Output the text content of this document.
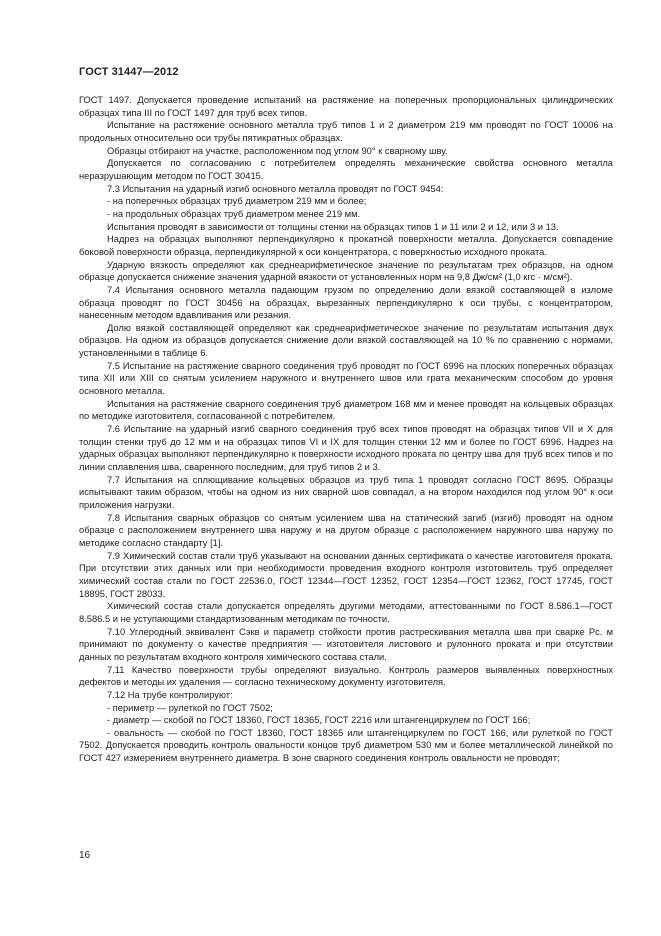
ГОСТ 31447—2012

ГОСТ 1497. Допускается проведение испытаний на растяжение на поперечных пропорциональных цилиндрических образцах типа III по ГОСТ 1497 для труб всех типов.

Испытание на растяжение основного металла труб типов 1 и 2 диаметром 219 мм проводят по ГОСТ 10006 на продольных относительно оси трубы пятикратных образцах.

Образцы отбирают на участке, расположенном под углом 90° к сварному шву.

Допускается по согласованию с потребителем определять механические свойства основного металла неразрушающим методом по ГОСТ 30415.

7.3 Испытания на ударный изгиб основного металла проводят по ГОСТ 9454:

- на поперечных образцах труб диаметром 219 мм и более;

- на продольных образцах труб диаметром менее 219 мм.

Испытания проводят в зависимости от толщины стенки на образцах типов 1 и 11 или 2 и 12, или 3 и 13.

Надрез на образцах выполняют перпендикулярно к прокатной поверхности металла. Допускается совпадение боковой поверхности образца, перпендикулярной к оси концентратора, с поверхностью исходного проката.

Ударную вязкость определяют как среднеарифметическое значение по результатам трех образцов, на одном образце допускается снижение значения ударной вязкости от установленных норм на 9,8 Дж/см² (1,0 кгс · м/см²).

7.4 Испытания основного металла падающим грузом по определению доли вязкой составляющей в изломе образца проводят по ГОСТ 30456 на образцах, вырезанных перпендикулярно к оси трубы, с концентратором, нанесенным методом вдавливания или резания.

Долю вязкой составляющей определяют как среднеарифметическое значение по результатам испытания двух образцов. На одном из образцов допускается снижение доли вязкой составляющей на 10 % по сравнению с нормами, установленными в таблице 6.

7.5 Испытание на растяжение сварного соединения труб проводят по ГОСТ 6996 на плоских поперечных образцах типа XII или XIII со снятым усилением наружного и внутреннего швов или грата механическим способом до уровня основного металла.

Испытания на растяжение сварного соединения труб диаметром 168 мм и менее проводят на кольцевых образцах по методике изготовителя, согласованной с потребителем.

7.6 Испытание на ударный изгиб сварного соединения труб всех типов проводят на образцах типов VII и X для толщин стенки труб до 12 мм и на образцах типов VI и IX для толщин стенки 12 мм и более по ГОСТ 6996. Надрез на ударных образцах выполняют перпендикулярно к поверхности исходного проката по центру шва для труб всех типов и по линии сплавления шва, сваренного последним, для труб типов 2 и 3.

7.7 Испытания на сплющивание кольцевых образцов из труб типа 1 проводят согласно ГОСТ 8695. Образцы испытывают таким образом, чтобы на одном из них сварной шов совпадал, а на втором находился под углом 90° к оси приложения нагрузки.

7.8 Испытания сварных образцов со снятым усилением шва на статический загиб (изгиб) проводят на одном образце с расположением внутреннего шва наружу и на другом образце с расположением наружного шва наружу по методике согласно стандарту [1].

7.9 Химический состав стали труб указывают на основании данных сертификата о качестве изготовителя проката. При отсутствии этих данных или при необходимости проведения входного контроля изготовитель труб определяет химический состав стали по ГОСТ 22536.0, ГОСТ 12344—ГОСТ 12352, ГОСТ 12354—ГОСТ 12362, ГОСТ 17745, ГОСТ 18895, ГОСТ 28033.

Химический состав стали допускается определять другими методами, аттестованными по ГОСТ 8.586.1—ГОСТ 8.586.5 и не уступающими стандартизованным методикам по точности.

7.10 Углеродный эквивалент Сэкв и параметр стойкости против растрескивания металла шва при сварке Рс. м принимают по документу о качестве предприятия — изготовителя листового и рулонного проката и при отсутствии данных по результатам входного контроля химического состава стали.

7.11 Качество поверхности трубы определяют визуально. Контроль размеров выявленных поверхностных дефектов и методы их удаления — согласно техническому документу изготовителя.

7.12 На трубе контролируют:

- периметр — рулеткой по ГОСТ 7502;

- диаметр — скобой по ГОСТ 18360, ГОСТ 18365, ГОСТ 2216 или штангенциркулем по ГОСТ 166;

- овальность — скобой по ГОСТ 18360, ГОСТ 18365 или штангенциркулем по ГОСТ 166, или рулеткой по ГОСТ 7502. Допускается проводить контроль овальности концов труб диаметром 530 мм и более металлической линейкой по ГОСТ 427 измерением внутреннего диаметра. В зоне сварного соединения контроль овальности не проводят;

16
